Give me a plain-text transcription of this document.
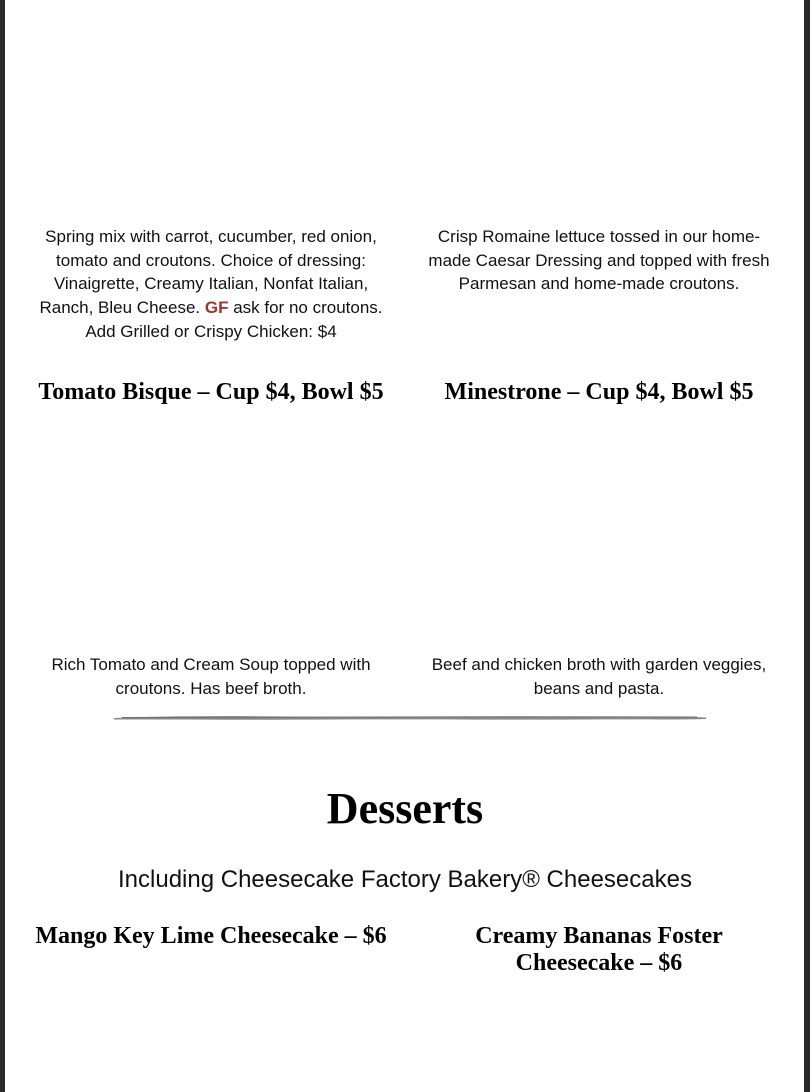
Spring mix with carrot, cucumber, red onion, tomato and croutons. Choice of dressing: Vinaigrette, Creamy Italian, Nonfat Italian, Ranch, Bleu Cheese. GF ask for no croutons.
Add Grilled or Crispy Chicken: $4
Crisp Romaine lettuce tossed in our home-made Caesar Dressing and topped with fresh Parmesan and home-made croutons.
Tomato Bisque – Cup $4, Bowl $5	Minestrone – Cup $4, Bowl $5
Rich Tomato and Cream Soup topped with croutons. Has beef broth.
Beef and chicken broth with garden veggies, beans and pasta.
Desserts
Including Cheesecake Factory Bakery® Cheesecakes
Mango Key Lime Cheesecake – $6	Creamy Bananas Foster Cheesecake – $6
